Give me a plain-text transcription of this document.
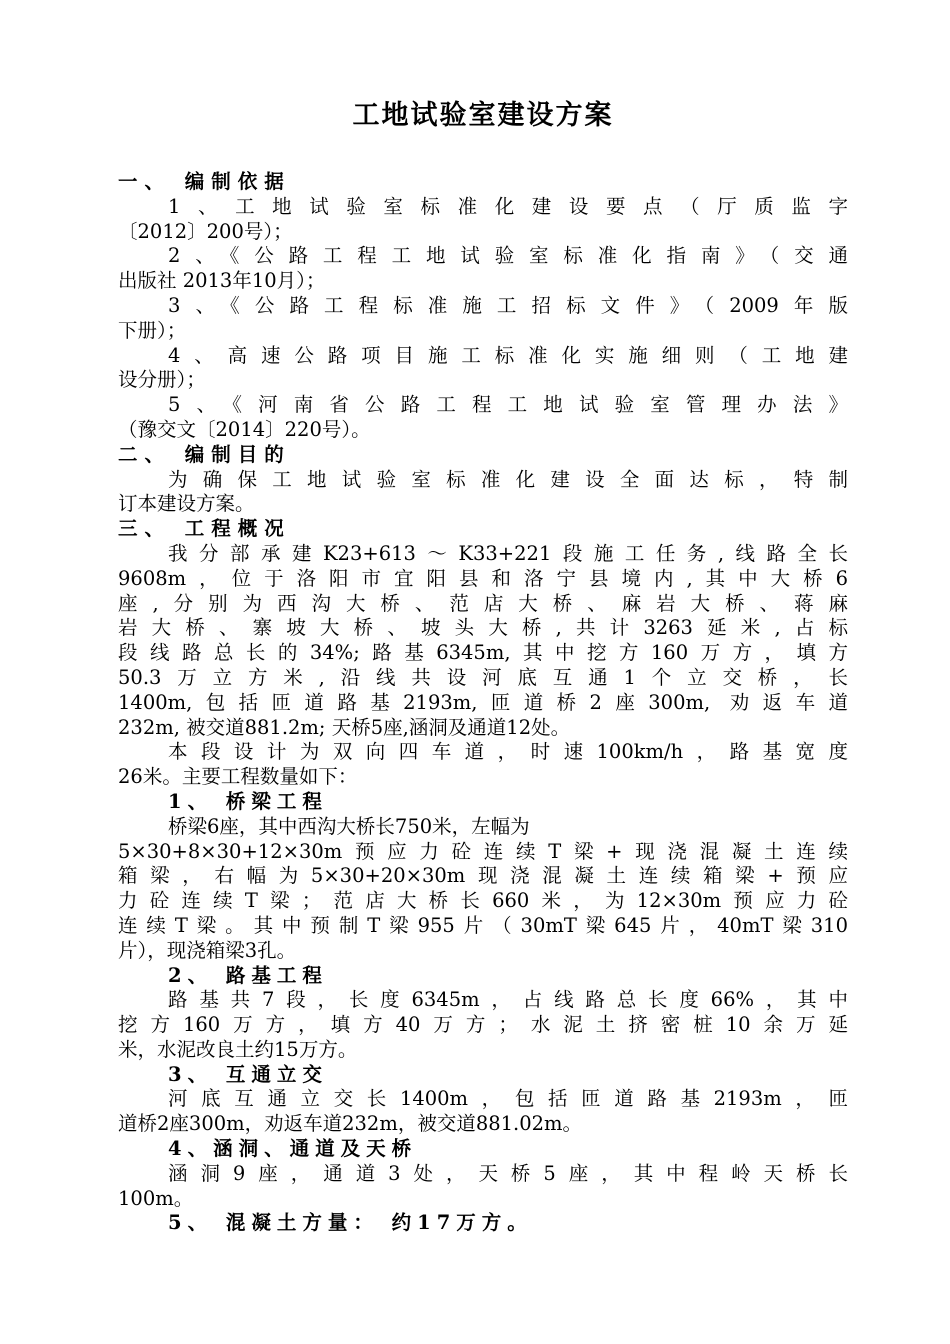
工地试验室建设方案
一、 编制依据
1、工地试验室标准化建设要点（厅质监字
〔2012〕200号）；
2、《公路工程工地试验室标准化指南》（交通
出版社 2013年10月）；
3、《公路工程标准施工招标文件》（2009年版
下册）；
4、高速公路项目施工标准化实施细则（工地建
设分册）；
5、《河南省公路工程工地试验室管理办法》
（豫交文〔2014〕220号）。
二、 编制目的
为确保工地试验室标准化建设全面达标，特制
订本建设方案。
三、 工程概况
我分部承建K23+613～K33+221段施工任务,线路全长
9608m，位于洛阳市宜阳县和洛宁县境内,其中大桥6
座,分别为西沟大桥、范店大桥、麻岩大桥、蒋麻
岩大桥、寨坡大桥、坡头大桥,共计3263延米,占标
段线路总长的34%;路基6345m,其中挖方160万方，填方
50.3万立方米,沿线共设河底互通1个立交桥，长
1400m,包括匝道路基2193m,匝道桥2座300m, 劝返车道
232m, 被交道881.2m; 天桥5座,涵洞及通道12处。
本段设计为双向四车道，时速100km/h，路基宽度
26米。主要工程数量如下：
1、 桥梁工程
桥梁6座，其中西沟大桥长750米，左幅为
5×30+8×30+12×30m预应力砼连续T梁+现浇混凝土连续
箱梁，右幅为5×30+20×30m现浇混凝土连续箱梁+预应
力砼连续T梁；范店大桥长660米，为12×30m预应力砼
连续T梁。其中预制T梁955片（30mT梁645片，40mT梁310
片），现浇箱梁3孔。
2、 路基工程
路基共7段，长度6345m，占线路总长度66%，其中
挖方160万方，填方40万方；水泥土挤密桩10余万延
米，水泥改良土约15万方。
3、 互通立交
河底互通立交长1400m，包括匝道路基2193m，匝
道桥2座300m，劝返车道232m，被交道881.02m。
4、涵洞、通道及天桥
涵洞9座，通道3处，天桥5座，其中程岭天桥长
100m。
5、 混凝土方量： 约17万方。
